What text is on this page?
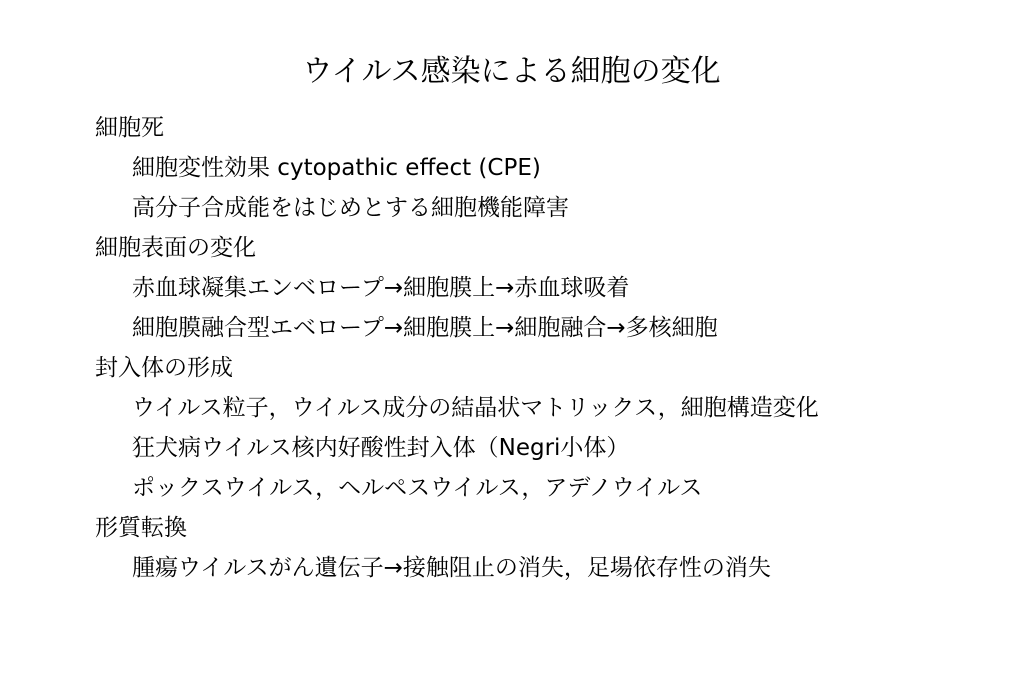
ウイルス感染による細胞の変化
細胞死
細胞変性効果 cytopathic effect (CPE)
高分子合成能をはじめとする細胞機能障害
細胞表面の変化
赤血球凝集エンベロープ→細胞膜上→赤血球吸着
細胞膜融合型エベロープ→細胞膜上→細胞融合→多核細胞
封入体の形成
ウイルス粒子，ウイルス成分の結晶状マトリックス，細胞構造変化
狂犬病ウイルス核内好酸性封入体（Negri小体）
ポックスウイルス，ヘルペスウイルス，アデノウイルス
形質転換
腫瘍ウイルスがん遺伝子→接触阻止の消失，足場依存性の消失
